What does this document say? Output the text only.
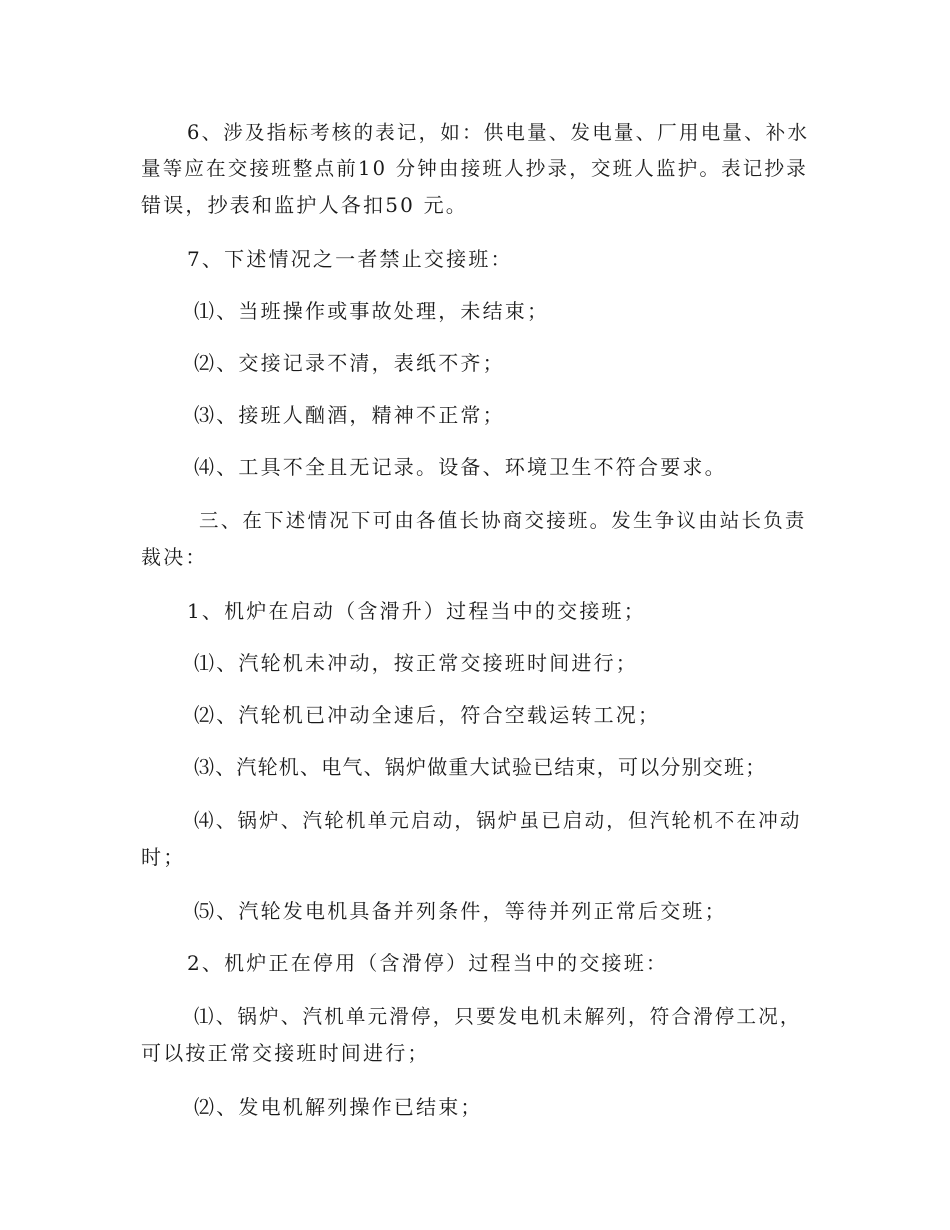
6、涉及指标考核的表记，如：供电量、发电量、厂用电量、补水
量等应在交接班整点前10 分钟由接班人抄录，交班人监护。表记抄录
错误，抄表和监护人各扣50 元。
7、下述情况之一者禁止交接班：
⑴、当班操作或事故处理，未结束；
⑵、交接记录不清，表纸不齐；
⑶、接班人酗酒，精神不正常；
⑷、工具不全且无记录。设备、环境卫生不符合要求。
三、在下述情况下可由各值长协商交接班。发生争议由站长负责
裁决：
1、机炉在启动（含滑升）过程当中的交接班；
⑴、汽轮机未冲动，按正常交接班时间进行；
⑵、汽轮机已冲动全速后，符合空载运转工况；
⑶、汽轮机、电气、锅炉做重大试验已结束，可以分别交班；
⑷、锅炉、汽轮机单元启动，锅炉虽已启动，但汽轮机不在冲动
时；
⑸、汽轮发电机具备并列条件，等待并列正常后交班；
2、机炉正在停用（含滑停）过程当中的交接班：
⑴、锅炉、汽机单元滑停，只要发电机未解列，符合滑停工况，
可以按正常交接班时间进行；
⑵、发电机解列操作已结束；
